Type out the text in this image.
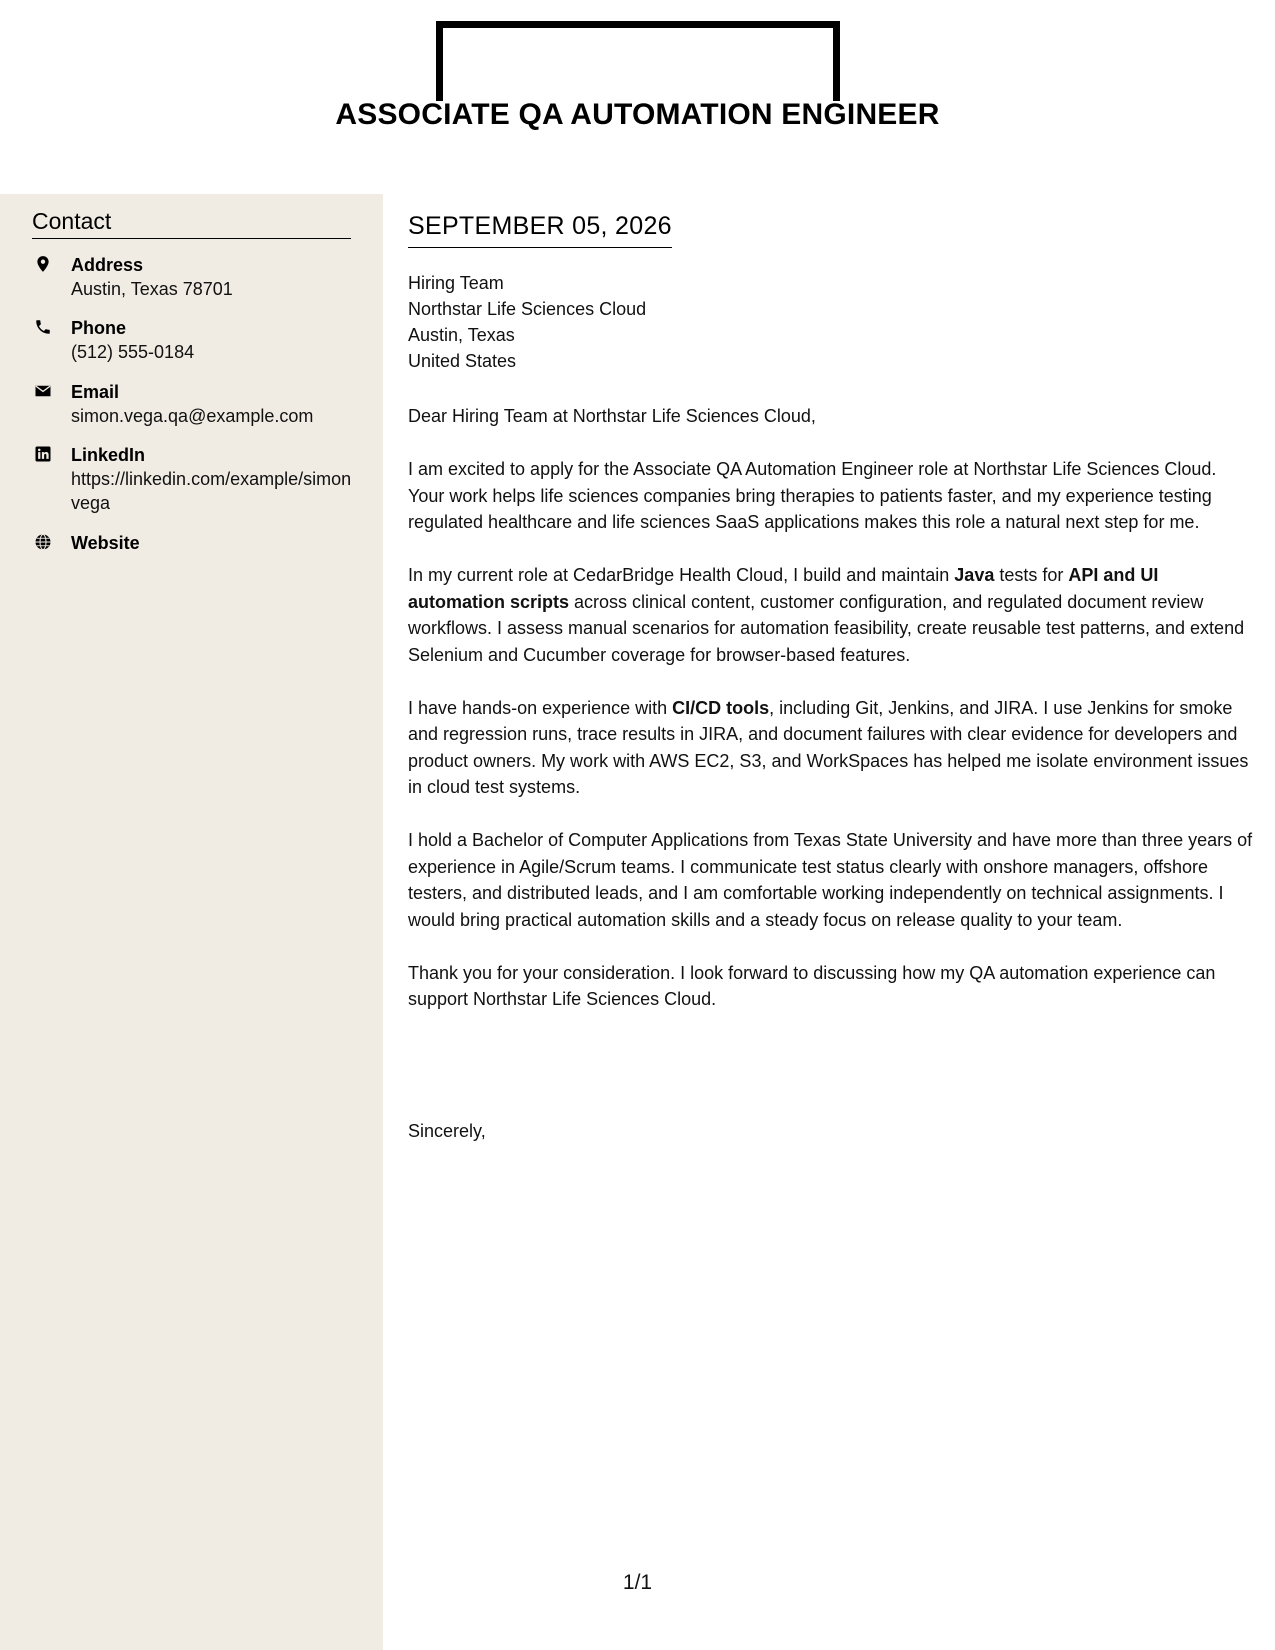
ASSOCIATE QA AUTOMATION ENGINEER
Contact
Address
Austin, Texas 78701
Phone
(512) 555-0184
Email
simon.vega.qa@example.com
LinkedIn
https://linkedin.com/example/simonvega
Website
SEPTEMBER 05, 2026
Hiring Team
Northstar Life Sciences Cloud
Austin, Texas
United States

Dear Hiring Team at Northstar Life Sciences Cloud,

I am excited to apply for the Associate QA Automation Engineer role at Northstar Life Sciences Cloud. Your work helps life sciences companies bring therapies to patients faster, and my experience testing regulated healthcare and life sciences SaaS applications makes this role a natural next step for me.

In my current role at CedarBridge Health Cloud, I build and maintain Java tests for API and UI automation scripts across clinical content, customer configuration, and regulated document review workflows. I assess manual scenarios for automation feasibility, create reusable test patterns, and extend Selenium and Cucumber coverage for browser-based features.

I have hands-on experience with CI/CD tools, including Git, Jenkins, and JIRA. I use Jenkins for smoke and regression runs, trace results in JIRA, and document failures with clear evidence for developers and product owners. My work with AWS EC2, S3, and WorkSpaces has helped me isolate environment issues in cloud test systems.

I hold a Bachelor of Computer Applications from Texas State University and have more than three years of experience in Agile/Scrum teams. I communicate test status clearly with onshore managers, offshore testers, and distributed leads, and I am comfortable working independently on technical assignments. I would bring practical automation skills and a steady focus on release quality to your team.

Thank you for your consideration. I look forward to discussing how my QA automation experience can support Northstar Life Sciences Cloud.

Sincerely,
1/1
